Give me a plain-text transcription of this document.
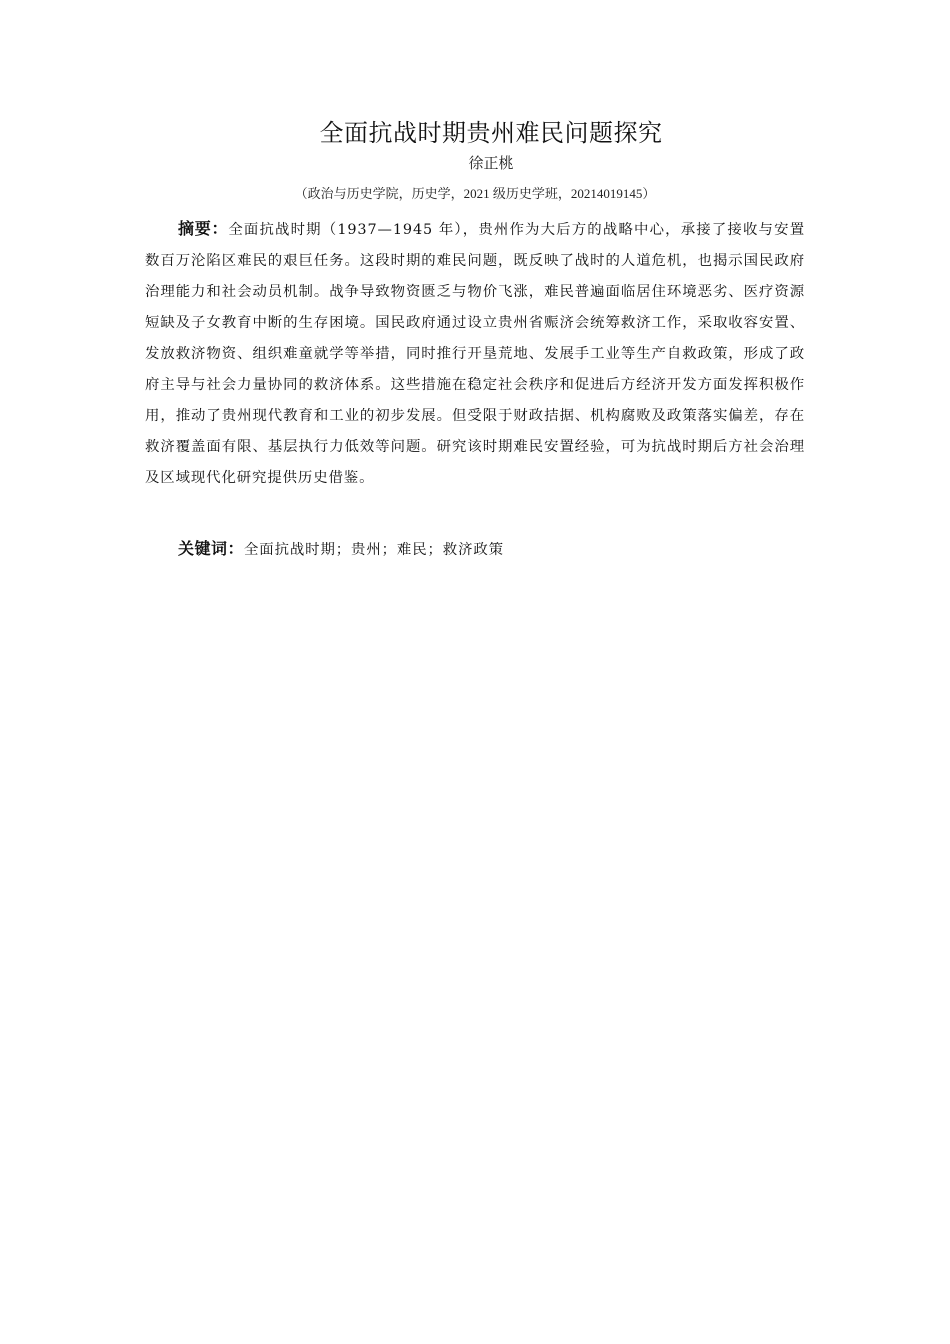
全面抗战时期贵州难民问题探究
徐正桃
（政治与历史学院，历史学，2021 级历史学班，20214019145）

摘要：全面抗战时期（1937—1945 年），贵州作为大后方的战略中心，承接了接收与安置数百万沦陷区难民的艰巨任务。这段时期的难民问题，既反映了战时的人道危机，也揭示国民政府治理能力和社会动员机制。战争导致物资匮乏与物价飞涨，难民普遍面临居住环境恶劣、医疗资源短缺及子女教育中断的生存困境。国民政府通过设立贵州省赈济会统筹救济工作，采取收容安置、发放救济物资、组织难童就学等举措，同时推行开垦荒地、发展手工业等生产自救政策，形成了政府主导与社会力量协同的救济体系。这些措施在稳定社会秩序和促进后方经济开发方面发挥积极作用，推动了贵州现代教育和工业的初步发展。但受限于财政拮据、机构腐败及政策落实偏差，存在救济覆盖面有限、基层执行力低效等问题。研究该时期难民安置经验，可为抗战时期后方社会治理及区域现代化研究提供历史借鉴。

关键词：全面抗战时期；贵州；难民；救济政策
